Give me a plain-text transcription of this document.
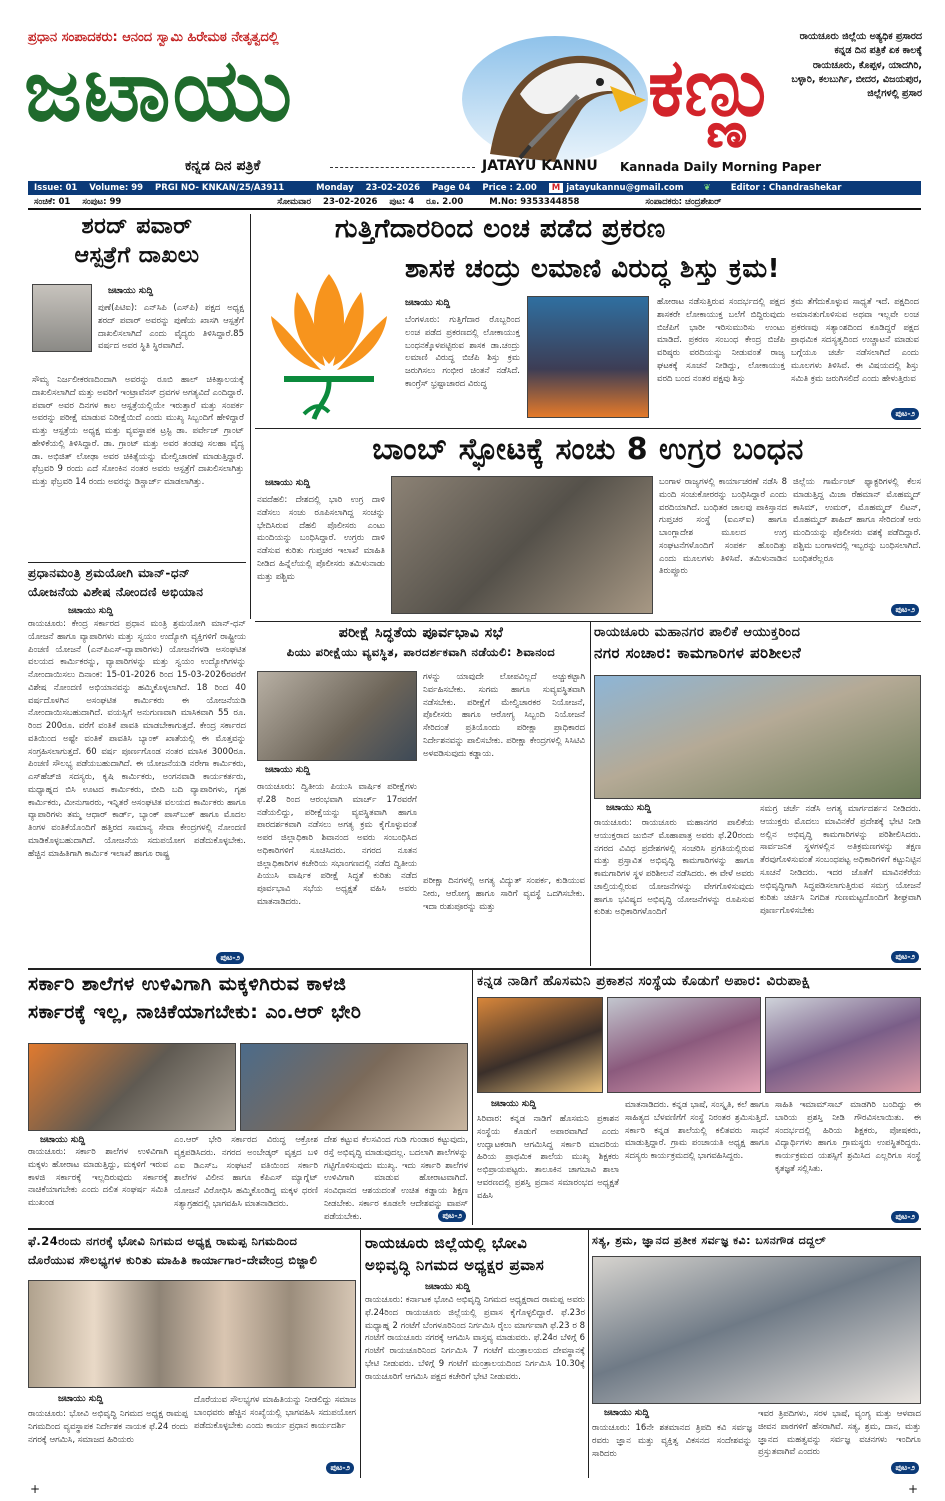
ಪ್ರಧಾನ ಸಂಪಾದಕರು: ಆನಂದ ಸ್ವಾಮಿ ಹಿರೇಮಠ ನೇತೃತ್ವದಲ್ಲಿ
ಜಟಾಯು	ಕಣ್ಣು
ಕನ್ನಡ ದಿನ ಪತ್ರಿಕೆ	JATAYU KANNU Kannada Daily Morning Paper
ರಾಯಚೂರು ಜಿಲ್ಲೆಯ ಅತ್ಯಧಿಕ ಪ್ರಸಾರದ ಕನ್ನಡ ದಿನ ಪತ್ರಿಕೆ ಏಕ ಕಾಲಕ್ಕೆ ರಾಯಚೂರು, ಕೊಪ್ಪಳ, ಯಾದಗಿರಿ, ಬಳ್ಳಾರಿ, ಕಲಬುರ್ಗಿ, ಬೀದರ, ವಿಜಯಪುರ, ಜಿಲ್ಲೆಗಳಲ್ಲಿ ಪ್ರಸಾರ
Issue: 01	Volume: 99	PRGI NO- KNKAN/25/A3911	Monday	23-02-2026	Page 04	Price : 2.00	M jatayukannu@gmail.com	❦	Editor : Chandrashekar
ಸಂಚಿಕೆ: 01	ಸಂಪುಟ: 99	ಸೋಮವಾರ	23-02-2026	ಪುಟ: 4	ರೂ. 2.00	M.No: 9353344858	ಸಂಪಾದಕರು: ಚಂದ್ರಶೇಖರ್
ಶರದ್ ಪವಾರ್
ಆಸ್ಪತ್ರೆಗೆ ದಾಖಲು
ಜಟಾಯು ಸುದ್ದಿ
ಪುಣೆ(ಪಿಟಿಐ): ಎನ್‌ಸಿಪಿ (ಎಸ್‌ಪಿ) ಪಕ್ಷದ ಅಧ್ಯಕ್ಷ ಶರದ್ ಪವಾರ್ ಅವರನ್ನು ಪುಣೆಯ ಖಾಸಗಿ ಆಸ್ಪತ್ರೆಗೆ ದಾಖಲಿಸಲಾಗಿದೆ ಎಂದು ವೈದ್ಯರು ತಿಳಿಸಿದ್ದಾರೆ.85 ವರ್ಷದ ಅವರ ಸ್ಥಿತಿ ಸ್ಥಿರವಾಗಿದೆ.
ಸೌಮ್ಯ ನಿರ್ಜಲೀಕರಣದಿಂದಾಗಿ ಅವರನ್ನು ರೂಬಿ ಹಾಲ್ ಚಿಕಿತ್ಸಾಲಯಕ್ಕೆ ದಾಖಲಿಸಲಾಗಿದೆ ಮತ್ತು ಅವರಿಗೆ ಇಂಟ್ರಾವೆನಸ್ ದ್ರವಗಳ ಅಗತ್ಯವಿದೆ ಎಂದಿದ್ದಾರೆ. ಪವಾರ್ ಅವರ ದಿನಗಳ ಕಾಲ ಆಸ್ಪತ್ರೆಯಲ್ಲಿಯೇ ಇರುತ್ತಾರೆ ಮತ್ತು ಸಂಪರ್ಕ ಅವರನ್ನು ಪರೀಕ್ಷೆ ಮಾಡುವ ನಿರೀಕ್ಷೆಯಿದೆ ಎಂದು ಮುಖ್ಯ ಸಿಬ್ಬಂದಿಗೆ ಹೇಳಿದ್ದಾರೆ ಮತ್ತು ಆಸ್ಪತ್ರೆಯ ಅಧ್ಯಕ್ಷ ಮತ್ತು ವ್ಯವಸ್ಥಾಪಕ ಟ್ರಸ್ಟಿ ಡಾ. ಪರ್ವೇಜ್ ಗ್ರಾಂಟ್ ಹೇಳಿಕೆಯಲ್ಲಿ ತಿಳಿಸಿದ್ದಾರೆ. ಡಾ. ಗ್ರಾಂಟ್ ಮತ್ತು ಅವರ ತಂಡವು ಸಲಹಾ ವೈದ್ಯ ಡಾ. ಅಭಿಜಿತ್ ಲೋಢಾ ಅವರ ಚಿಕಿತ್ಸೆಯನ್ನು ಮೇಲ್ವಿಚಾರಣೆ ಮಾಡುತ್ತಿದ್ದಾರೆ. ಫೆಬ್ರವರಿ 9 ರಂದು ಎದೆ ಸೋಂಕಿನ ನಂತರ ಅವರು ಆಸ್ಪತ್ರೆಗೆ ದಾಖಲಿಸಲಾಗಿತ್ತು ಮತ್ತು ಫೆಬ್ರವರಿ 14 ರಂದು ಅವರನ್ನು ಡಿಸ್ಚಾರ್ಜ್ ಮಾಡಲಾಗಿತ್ತು.
ಗುತ್ತಿಗೆದಾರರಿಂದ ಲಂಚ ಪಡೆದ ಪ್ರಕರಣ
ಶಾಸಕ ಚಂದ್ರು ಲಮಾಣಿ ವಿರುದ್ಧ ಶಿಸ್ತು ಕ್ರಮ!
ಜಟಾಯು ಸುದ್ದಿ
ಬೆಂಗಳೂರು: ಗುತ್ತಿಗೆದಾರ ರೊಬ್ಬರಿಂದ ಲಂಚ ಪಡೆದ ಪ್ರಕರಣದಲ್ಲಿ ಲೋಕಾಯುಕ್ತ ಬಂಧನಕ್ಕೊಳಪಟ್ಟಿರುವ ಶಾಸಕ ಡಾ.ಚಂದ್ರು ಲಮಾಣಿ ವಿರುದ್ಧ ಬಿಜೆಪಿ ಶಿಸ್ತು ಕ್ರಮ ಜರುಗಿಸಲು ಗಂಭೀರ ಚಿಂತನೆ ನಡೆಸಿದೆ. ಕಾಂಗ್ರೆಸ್ ಭ್ರಷ್ಟಾಚಾರದ ವಿರುದ್ಧ
ಹೋರಾಟ ನಡೆಸುತ್ತಿರುವ ಸಂದರ್ಭದಲ್ಲಿ ಪಕ್ಷದ ಶಾಸಕರೇ ಲೋಕಾಯುಕ್ತ ಬಲೆಗೆ ಬಿದ್ದಿರುವುದು ಬಿಜೆಪಿಗೆ ಭಾರೀ ಇರಿಸುಮುರಿಸು ಉಂಟು ಮಾಡಿದೆ. ಪ್ರಕರಣ ಸಂಬಂಧ ಕೇಂದ್ರ ಬಿಜೆಪಿ ವರಿಷ್ಠರು ವರದಿಯನ್ನು ನೀಡುವಂತೆ ರಾಜ್ಯ ಘಟಕಕ್ಕೆ ಸೂಚನೆ ನೀಡಿದ್ದು, ಲೋಕಾಯುಕ್ತ ವರದಿ ಬಂದ ನಂತರ ಪಕ್ಷವು ಶಿಸ್ತು
ಕ್ರಮ ತೆಗೆದುಕೊಳ್ಳುವ ಸಾಧ್ಯತೆ ಇದೆ. ಪಕ್ಷದಿಂದ ಅಮಾನತುಗೊಳಿಸುವ ಅಥವಾ ಇಲ್ಲವೇ ಲಂಚ ಪ್ರಕರಣವು ಸತ್ಯಾಂಶದಿಂದ ಕೂಡಿದ್ದರೆ ಪಕ್ಷದ ಪ್ರಾಥಮಿಕ ಸದಸ್ಯತ್ವದಿಂದ ಉಚ್ಚಾಟನೆ ಮಾಡುವ ಬಗ್ಗೆಯೂ ಚರ್ಚೆ ನಡೆಸಲಾಗಿದೆ ಎಂದು ಮೂಲಗಳು ತಿಳಿಸಿವೆ. ಈ ವಿಷಯದಲ್ಲಿ ಶಿಸ್ತು ಸಮಿತಿ ಕ್ರಮ ಜರುಗಿಸಲಿದೆ ಎಂದು ಹೇಳುತ್ತಿರುವ
ಪುಟ-೨
ಬಾಂಬ್ ಸ್ಫೋಟಕ್ಕೆ ಸಂಚು 8 ಉಗ್ರರ ಬಂಧನ
ಜಟಾಯು ಸುದ್ದಿ
ನವದೆಹಲಿ: ದೇಶದಲ್ಲಿ ಭಾರಿ ಉಗ್ರ ದಾಳಿ ನಡೆಸಲು ಸಂಚು ರೂಪಿಸಲಾಗಿದ್ದ ಸಂಚನ್ನು ಭೇದಿಸಿರುವ ದೆಹಲಿ ಪೊಲೀಸರು ಎಂಟು ಮಂದಿಯನ್ನು ಬಂಧಿಸಿದ್ದಾರೆ. ಉಗ್ರರು ದಾಳಿ ನಡೆಸುವ ಕುರಿತು ಗುಪ್ತಚರ ಇಲಾಖೆ ಮಾಹಿತಿ ನೀಡಿದ ಹಿನ್ನೆಲೆಯಲ್ಲಿ ಪೊಲೀಸರು ತಮಿಳುನಾಡು ಮತ್ತು ಪಶ್ಚಿಮ
ಬಂಗಾಳ ರಾಜ್ಯಗಳಲ್ಲಿ ಕಾರ್ಯಾಚರಣೆ ನಡೆಸಿ 8 ಮಂದಿ ಸಂಚುಕೋರರನ್ನು ಬಂಧಿಸಿದ್ದಾರೆ ಎಂದು ವರದಿಯಾಗಿದೆ. ಬಂಧಿತರ ಜಾಲವು ಪಾಕಿಸ್ತಾನದ ಗುಪ್ತಚರ ಸಂಸ್ಥೆ (ಐಎಸ್‌ಐ) ಹಾಗೂ ಬಾಂಗ್ಲಾದೇಶ ಮೂಲದ ಉಗ್ರ ಸಂಘಟನೆಗಳೊಂದಿಗೆ ಸಂಪರ್ಕ ಹೊಂದಿತ್ತು ಎಂದು ಮೂಲಗಳು ತಿಳಿಸಿವೆ. ತಮಿಳುನಾಡಿನ ತಿರುಪ್ಪೂರು
ಜಿಲ್ಲೆಯ ಗಾರ್ಮೆಂಟ್ ಫ್ಯಾಕ್ಟರಿಗಳಲ್ಲಿ ಕೆಲಸ ಮಾಡುತ್ತಿದ್ದ ಮಿಜಾ ರೆಹಮಾನ್ ಮೊಹಮ್ಮದ್ ಕಾಸಿಮ್, ಉಮರ್, ಮೊಹಮ್ಮದ್ ಲಿಟನ್, ಮೊಹಮ್ಮದ್ ಶಾಹಿದ್ ಹಾಗೂ ಸೇರಿದಂತೆ ಆರು ಮಂದಿಯನ್ನು ಪೊಲೀಸರು ವಶಕ್ಕೆ ಪಡೆದಿದ್ದಾರೆ. ಪಶ್ಚಿಮ ಬಂಗಾಳದಲ್ಲಿ ಇಬ್ಬರನ್ನು ಬಂಧಿಸಲಾಗಿದೆ. ಬಂಧಿತರೆಲ್ಲರೂ
ಪುಟ-೨
ಪ್ರಧಾನಮಂತ್ರಿ ಶ್ರಮಯೋಗಿ ಮಾನ್-ಧನ್
ಯೋಜನೆಯ ವಿಶೇಷ ನೋಂದಣಿ ಅಭಿಯಾನ
ಜಟಾಯು ಸುದ್ದಿ
ರಾಯಚೂರು: ಕೇಂದ್ರ ಸರ್ಕಾರದ ಪ್ರಧಾನ ಮಂತ್ರಿ ಶ್ರಮಯೋಗಿ ಮಾನ್-ಧನ್ ಯೋಜನೆ ಹಾಗೂ ವ್ಯಾಪಾರಿಗಳು ಮತ್ತು ಸ್ವಯಂ ಉದ್ಯೋಗಿ ವ್ಯಕ್ತಿಗಳಿಗೆ ರಾಷ್ಟ್ರೀಯ ಪಿಂಚಣಿ ಯೋಜನೆ (ಎನ್‌ಪಿಎಸ್-ವ್ಯಾಪಾರಿಗಳು) ಯೋಜನೆಗಳಡಿ ಅಸಂಘಟಿತ ವಲಯದ ಕಾರ್ಮಿಕರನ್ನು, ವ್ಯಾಪಾರಿಗಳನ್ನು ಮತ್ತು ಸ್ವಯಂ ಉದ್ಯೋಗಿಗಳನ್ನು ನೋಂದಾಯಿಸಲು ದಿನಾಂಕ: 15-01-2026 ರಿಂದ 15-03-2026ರವರೆಗೆ ವಿಶೇಷ ನೋಂದಣಿ ಅಭಿಯಾನವನ್ನು ಹಮ್ಮಿಕೊಳ್ಳಲಾಗಿದೆ. 18 ರಿಂದ 40 ವರ್ಷದೊಳಗಿನ ಅಸಂಘಟಿತ ಕಾರ್ಮಿಕರು ಈ ಯೋಜನೆಯಡಿ ನೋಂದಾಯಿಸಬಹುದಾಗಿದೆ. ವಯಸ್ಸಿಗೆ ಅನುಗುಣವಾಗಿ ಮಾಸಿಕವಾಗಿ 55 ರೂ. ರಿಂದ 200ರೂ. ವರೆಗೆ ವಂತಿಕೆ ಪಾವತಿ ಮಾಡಬೇಕಾಗುತ್ತದೆ. ಕೇಂದ್ರ ಸರ್ಕಾರದ ವತಿಯಿಂದ ಅಷ್ಟೇ ವಂತಿಕೆ ಪಾವತಿಸಿ ಬ್ಯಾಂಕ್ ಖಾತೆಯಲ್ಲಿ ಈ ಮೊತ್ತವನ್ನು ಸಂಗ್ರಹಿಸಲಾಗುತ್ತದೆ. 60 ವರ್ಷ ಪೂರ್ಣಗೊಂಡ ನಂತರ ಮಾಸಿಕ 3000ರೂ. ಪಿಂಚಣಿ ಸೌಲಭ್ಯ ಪಡೆಯಬಹುದಾಗಿದೆ. ಈ ಯೋಜನೆಯಡಿ ನರೇಗಾ ಕಾರ್ಮಿಕರು, ಎಸ್‌ಹೆಚ್‌ಜಿ ಸದಸ್ಯರು, ಕೃಷಿ ಕಾರ್ಮಿಕರು, ಅಂಗನವಾಡಿ ಕಾರ್ಯಕರ್ತರು, ಮಧ್ಯಾಹ್ನದ ಬಿಸಿ ಊಟದ ಕಾರ್ಮಿಕರು, ಬೀದಿ ಬದಿ ವ್ಯಾಪಾರಿಗಳು, ಗೃಹ ಕಾರ್ಮಿಕರು, ಮೀನುಗಾರರು, ಇನ್ನಿತರೆ ಅಸಂಘಟಿತ ವಲಯದ ಕಾರ್ಮಿಕರು ಹಾಗೂ ವ್ಯಾಪಾರಿಗಳು ತಮ್ಮ ಆಧಾರ್ ಕಾರ್ಡ್, ಬ್ಯಾಂಕ್ ಪಾಸ್‌ಬುಕ್ ಹಾಗೂ ಮೊದಲ ತಿಂಗಳ ವಂತಿಕೆಯೊಂದಿಗೆ ಹತ್ತಿರದ ಸಾಮಾನ್ಯ ಸೇವಾ ಕೇಂದ್ರಗಳಲ್ಲಿ ನೋಂದಣಿ ಮಾಡಿಕೊಳ್ಳಬಹುದಾಗಿದೆ. ಯೋಜನೆಯ ಸದುಪಯೋಗ ಪಡೆದುಕೊಳ್ಳಬೇಕು. ಹೆಚ್ಚಿನ ಮಾಹಿತಿಗಾಗಿ ಕಾರ್ಮಿಕ ಇಲಾಖೆ ಹಾಗೂ ರಾಷ್ಟ್ರ
ಪುಟ-೨
ಪರೀಕ್ಷೆ ಸಿದ್ಧತೆಯ ಪೂರ್ವಭಾವಿ ಸಭೆ
ಪಿಯು ಪರೀಕ್ಷೆಯು ವ್ಯವಸ್ಥಿತ, ಪಾರದರ್ಶಕವಾಗಿ ನಡೆಯಲಿ: ಶಿವಾನಂದ
ಜಟಾಯು ಸುದ್ದಿ
ರಾಯಚೂರು: ದ್ವಿತೀಯ ಪಿಯುಸಿ ವಾರ್ಷಿಕ ಪರೀಕ್ಷೆಗಳು ಫೆ.28 ರಿಂದ ಆರಂಭವಾಗಿ ಮಾರ್ಚ್ 17ರವರೆಗೆ ನಡೆಯಲಿದ್ದು, ಪರೀಕ್ಷೆಯನ್ನು ವ್ಯವಸ್ಥಿತವಾಗಿ ಹಾಗೂ ಪಾರದರ್ಶಕವಾಗಿ ನಡೆಸಲು ಅಗತ್ಯ ಕ್ರಮ ಕೈಗೊಳ್ಳುವಂತೆ ಅಪರ ಜಿಲ್ಲಾಧಿಕಾರಿ ಶಿವಾನಂದ ಅವರು ಸಂಬಂಧಿಸಿದ ಅಧಿಕಾರಿಗಳಿಗೆ ಸೂಚಿಸಿದರು. ನಗರದ ನೂತನ ಜಿಲ್ಲಾಧಿಕಾರಿಗಳ ಕಚೇರಿಯ ಸಭಾಂಗಣದಲ್ಲಿ ನಡೆದ ದ್ವಿತೀಯ ಪಿಯುಸಿ ವಾರ್ಷಿಕ ಪರೀಕ್ಷೆ ಸಿದ್ಧತೆ ಕುರಿತು ನಡೆದ ಪೂರ್ವಭಾವಿ ಸಭೆಯ ಅಧ್ಯಕ್ಷತೆ ವಹಿಸಿ ಅವರು ಮಾತನಾಡಿದರು.
ಗಳನ್ನು ಯಾವುದೇ ಲೋಪವಿಲ್ಲದೆ ಅಚ್ಚುಕಟ್ಟಾಗಿ ನಿರ್ವಹಿಸಬೇಕು. ಸುಗಮ ಹಾಗೂ ಸುವ್ಯವಸ್ಥಿತವಾಗಿ ನಡೆಸಬೇಕು. ಪರೀಕ್ಷೆಗೆ ಮೇಲ್ವಿಚಾರಕರ ನಿಯೋಜನೆ, ಪೊಲೀಸರು ಹಾಗೂ ಆರೋಗ್ಯ ಸಿಬ್ಬಂದಿ ನಿಯೋಜನೆ ಸೇರಿದಂತೆ ಪ್ರತಿಯೊಂದು ಪರೀಕ್ಷಾ ಪ್ರಾಧಿಕಾರದ ನಿರ್ದೇಶನವನ್ನು ಪಾಲಿಸಬೇಕು. ಪರೀಕ್ಷಾ ಕೇಂದ್ರಗಳಲ್ಲಿ ಸಿಸಿಟಿವಿ ಅಳವಡಿಸುವುದು ಕಡ್ಡಾಯ.
ಪರೀಕ್ಷಾ ದಿನಗಳಲ್ಲಿ ಅಗತ್ಯ ವಿದ್ಯುತ್ ಸಂಪರ್ಕ, ಕುಡಿಯುವ ನೀರು, ಆರೋಗ್ಯ ಹಾಗೂ ಸಾರಿಗೆ ವ್ಯವಸ್ಥೆ ಒದಗಿಸಬೇಕು. ಇದಾ ರುಶುಪೂರನ್ನು ಮತ್ತು
ರಾಯಚೂರು ಮಹಾನಗರ ಪಾಲಿಕೆ ಆಯುಕ್ತರಿಂದ
ನಗರ ಸಂಚಾರ: ಕಾಮಗಾರಿಗಳ ಪರಿಶೀಲನೆ
ಜಟಾಯು ಸುದ್ದಿ
ರಾಯಚೂರು: ರಾಯಚೂರು ಮಹಾನಗರ ಪಾಲಿಕೆಯ ಆಯುಕ್ತರಾದ ಜುಬಿನ್ ಮೊಹಾಪಾತ್ರ ಅವರು ಫೆ.20ರಂದು ನಗರದ ವಿವಿಧ ಪ್ರದೇಶಗಳಲ್ಲಿ ಸಂಚರಿಸಿ ಪ್ರಗತಿಯಲ್ಲಿರುವ ಮತ್ತು ಪ್ರಸ್ತಾವಿತ ಅಭಿವೃದ್ಧಿ ಕಾಮಗಾರಿಗಳನ್ನು ಹಾಗೂ ಕಾಮಗಾರಿಗಳ ಸ್ಥಳ ಪರಿಶೀಲನೆ ನಡೆಸಿದರು. ಈ ವೇಳೆ ಅವರು ಚಾಲ್ತಿಯಲ್ಲಿರುವ ಯೋಜನೆಗಳನ್ನು ವೇಗಗೊಳಿಸುವುದು ಹಾಗೂ ಭವಿಷ್ಯದ ಅಭಿವೃದ್ಧಿ ಯೋಜನೆಗಳನ್ನು ರೂಪಿಸುವ ಕುರಿತು ಅಧಿಕಾರಿಗಳೊಂದಿಗೆ
ಸಮಗ್ರ ಚರ್ಚೆ ನಡೆಸಿ ಅಗತ್ಯ ಮಾರ್ಗದರ್ಶನ ನೀಡಿದರು. ಆಯುಕ್ತರು ಮೊದಲು ಮಾವಿನಕೆರೆ ಪ್ರದೇಶಕ್ಕೆ ಭೇಟಿ ನೀಡಿ ಅಲ್ಲಿನ ಅಭಿವೃದ್ಧಿ ಕಾಮಗಾರಿಗಳನ್ನು ಪರಿಶೀಲಿಸಿದರು. ಸಾರ್ವಜನಿಕ ಸ್ಥಳಗಳಲ್ಲಿನ ಅತಿಕ್ರಮಣಗಳನ್ನು ತಕ್ಷಣ ತೆರವುಗೊಳಿಸುವಂತೆ ಸಂಬಂಧಪಟ್ಟ ಅಧಿಕಾರಿಗಳಿಗೆ ಕಟ್ಟುನಿಟ್ಟಿನ ಸೂಚನೆ ನೀಡಿದರು. ಇದರ ಜೊತೆಗೆ ಮಾವಿನಕೆರೆಯ ಅಭಿವೃದ್ಧಿಗಾಗಿ ಸಿದ್ಧಪಡಿಸಲಾಗುತ್ತಿರುವ ಸಮಗ್ರ ಯೋಜನೆ ಕುರಿತು ಚರ್ಚಿಸಿ ನಿಗದಿತ ಗುಣಮಟ್ಟದೊಂದಿಗೆ ಶೀಘ್ರವಾಗಿ ಪೂರ್ಣಗೊಳಿಸಬೇಕು
ಪುಟ-೨
ಸರ್ಕಾರಿ ಶಾಲೆಗಳ ಉಳಿವಿಗಾಗಿ ಮಕ್ಕಳಿಗಿರುವ ಕಾಳಜಿ
ಸರ್ಕಾರಕ್ಕೆ ಇಲ್ಲ, ನಾಚಿಕೆಯಾಗಬೇಕು: ಎಂ.ಆರ್ ಭೇರಿ
ಜಟಾಯು ಸುದ್ದಿ
ರಾಯಚೂರು: ಸರ್ಕಾರಿ ಶಾಲೆಗಳ ಉಳಿವಿಗಾಗಿ ಮಕ್ಕಳು ಹೋರಾಟ ಮಾಡುತ್ತಿದ್ದು, ಮಕ್ಕಳಿಗೆ ಇರುವ ಕಾಳಜಿ ಸರ್ಕಾರಕ್ಕೆ ಇಲ್ಲದಿರುವುದು ಸರ್ಕಾರಕ್ಕೆ ನಾಚಿಕೆಯಾಗಬೇಕು ಎಂದು ದಲಿತ ಸಂಘರ್ಷ ಸಮಿತಿ ಮುಖಂಡ
ಎಂ.ಆರ್ ಭೇರಿ ಸರ್ಕಾರದ ವಿರುದ್ಧ ಆಕ್ರೋಶ ವ್ಯಕ್ತಪಡಿಸಿದರು. ನಗರದ ಅಂಬೇಡ್ಕರ್ ವೃತ್ತದ ಬಳಿ ಎಐ ಡಿಎಸ್‌ಒ ಸಂಘಟನೆ ವತಿಯಿಂದ ಸರ್ಕಾರಿ ಶಾಲೆಗಳ ವಿಲೀನ ಹಾಗೂ ಕೆಪಿಎಸ್ ಮ್ಯಾಗ್ನೆಟ್ ಯೋಜನೆ ವಿರೋಧಿಸಿ ಹಮ್ಮಿಕೊಂಡಿದ್ದ ಮಕ್ಕಳ ಧರಣಿ ಸತ್ಯಾಗ್ರಹದಲ್ಲಿ ಭಾಗವಹಿಸಿ ಮಾತನಾಡಿದರು.
ದೇಶ ಕಟ್ಟುವ ಕೆಲಸವಿಂದ ಗುಡಿ ಗುಂಡಾರ ಕಟ್ಟುವುದು, ರಸ್ತೆ ಅಭಿವೃದ್ಧಿ ಮಾಡುವುದಲ್ಲ. ಬದಲಾಗಿ ಶಾಲೆಗಳನ್ನು ಗಟ್ಟಿಗೊಳಿಸುವುದು ಮುಖ್ಯ. ಇದು ಸರ್ಕಾರಿ ಶಾಲೆಗಳ ಉಳಿವಿಗಾಗಿ ಮಾಡುವ ಹೋರಾಟವಾಗಿದೆ. ಸಂವಿಧಾನದ ಆಶಯದಂತೆ ಉಚಿತ ಕಡ್ಡಾಯ ಶಿಕ್ಷಣ ನೀಡಬೇಕು. ಸರ್ಕಾರ ಕೂಡಲೇ ಆದೇಶವನ್ನು ವಾಪಸ್ ಪಡೆಯಬೇಕು.	ಪುಟ-೨
ಕನ್ನಡ ನಾಡಿಗೆ ಹೊಸಮನಿ ಪ್ರಕಾಶನ ಸಂಸ್ಥೆಯ ಕೊಡುಗೆ ಅಪಾರ: ವಿರುಪಾಕ್ಷಿ
ಜಟಾಯು ಸುದ್ದಿ
ಸಿರಿವಾರ: ಕನ್ನಡ ನಾಡಿಗೆ ಹೊಸಮನಿ ಪ್ರಕಾಶನ ಸಂಸ್ಥೆಯ ಕೊಡುಗೆ ಅಪಾರವಾಗಿದೆ ಎಂದು ಉದ್ಘಾಟಕರಾಗಿ ಆಗಮಿಸಿದ್ದ ಸರ್ಕಾರಿ ಮಾದರಿಯ ಹಿರಿಯ ಪ್ರಾಥಮಿಕ ಶಾಲೆಯ ಮುಖ್ಯ ಶಿಕ್ಷಕರು ಅಭಿಪ್ರಾಯಪಟ್ಟರು. ತಾಲೂಕಿನ ಚಾಗಬಾವಿ ಶಾಲಾ ಆವರಣದಲ್ಲಿ ಪ್ರಶಸ್ತಿ ಪ್ರದಾನ ಸಮಾರಂಭದ ಅಧ್ಯಕ್ಷತೆ ವಹಿಸಿ
ಮಾತನಾಡಿದರು. ಕನ್ನಡ ಭಾಷೆ, ಸಂಸ್ಕೃತಿ, ಕಲೆ ಹಾಗೂ ಸಾಹಿತ್ಯದ ಬೆಳವಣಿಗೆಗೆ ಸಂಸ್ಥೆ ನಿರಂತರ ಶ್ರಮಿಸುತ್ತಿದೆ. ಸರ್ಕಾರಿ ಕನ್ನಡ ಶಾಲೆಯಲ್ಲಿ ಕಲಿತವರು ಸಾಧನೆ ಮಾಡುತ್ತಿದ್ದಾರೆ. ಗ್ರಾಮ ಪಂಚಾಯತಿ ಅಧ್ಯಕ್ಷ ಹಾಗೂ ಸದಸ್ಯರು ಕಾರ್ಯಕ್ರಮದಲ್ಲಿ ಭಾಗವಹಿಸಿದ್ದರು.
ಸಾಹಿತಿ ಇಮಾಮ್‌ಸಾಬ್ ಮಾಡಗಿರಿ ಬಂದಿದ್ದು ಈ ಬಾರಿಯ ಪ್ರಶಸ್ತಿ ನೀಡಿ ಗೌರವಿಸಲಾಯಿತು. ಈ ಸಂದರ್ಭದಲ್ಲಿ ಹಿರಿಯ ಶಿಕ್ಷಕರು, ಪೋಷಕರು, ವಿದ್ಯಾರ್ಥಿಗಳು ಹಾಗೂ ಗ್ರಾಮಸ್ಥರು ಉಪಸ್ಥಿತರಿದ್ದರು. ಕಾರ್ಯಕ್ರಮದ ಯಶಸ್ಸಿಗೆ ಶ್ರಮಿಸಿದ ಎಲ್ಲರಿಗೂ ಸಂಸ್ಥೆ ಕೃತಜ್ಞತೆ ಸಲ್ಲಿಸಿತು.
ಪುಟ-೨
ಫೆ.24ರಂದು ನಗರಕ್ಕೆ ಭೋವಿ ನಿಗಮದ ಅಧ್ಯಕ್ಷ ರಾಮಪ್ಪ ನಿಗಮದಿಂದ
ದೊರೆಯುವ ಸೌಲಭ್ಯಗಳ ಕುರಿತು ಮಾಹಿತಿ ಕಾರ್ಯಾಗಾರ-ದೇವೇಂದ್ರ ಬಿಜ್ಜಾಲಿ
ಜಟಾಯು ಸುದ್ದಿ
ರಾಯಚೂರು: ಭೋವಿ ಅಭಿವೃದ್ಧಿ ನಿಗಮದ ಅಧ್ಯಕ್ಷ ರಾಮಪ್ಪ ನಿಗಮದಿಂದ ವ್ಯವಸ್ಥಾಪಕ ನಿರ್ದೇಶಕ ನಾಯಕ ಫೆ.24 ರಂದು ನಗರಕ್ಕೆ ಆಗಮಿಸಿ, ಸಮಾಜದ ಹಿರಿಯರು
ದೊರೆಯುವ ಸೌಲಭ್ಯಗಳ ಮಾಹಿತಿಯನ್ನು ನೀಡಲಿದ್ದು ಸಮಾಜ ಬಾಂಧವರು ಹೆಚ್ಚಿನ ಸಂಖ್ಯೆಯಲ್ಲಿ ಭಾಗವಹಿಸಿ ಸದುಪಯೋಗ ಪಡೆದುಕೊಳ್ಳಬೇಕು ಎಂದು ಕಾರ್ಯ ಪ್ರಧಾನ ಕಾರ್ಯದರ್ಶಿ
ಪುಟ-೨
ರಾಯಚೂರು ಜಿಲ್ಲೆಯಲ್ಲಿ ಭೋವಿ
ಅಭಿವೃದ್ಧಿ ನಿಗಮದ ಅಧ್ಯಕ್ಷರ ಪ್ರವಾಸ
ಜಟಾಯು ಸುದ್ದಿ
ರಾಯಚೂರು: ಕರ್ನಾಟಕ ಭೋವಿ ಅಭಿವೃದ್ಧಿ ನಿಗಮದ ಅಧ್ಯಕ್ಷರಾದ ರಾಮಪ್ಪ ಅವರು ಫೆ.24ರಿಂದ ರಾಯಚೂರು ಜಿಲ್ಲೆಯಲ್ಲಿ ಪ್ರವಾಸ ಕೈಗೊಳ್ಳಲಿದ್ದಾರೆ. ಫೆ.23ರ ಮಧ್ಯಾಹ್ನ 2 ಗಂಟೆಗೆ ಬೆಂಗಳೂರಿನಿಂದ ನಿರ್ಗಮಿಸಿ ರೈಲು ಮಾರ್ಗವಾಗಿ ಫೆ.23 ರ 8 ಗಂಟೆಗೆ ರಾಯಚೂರು ನಗರಕ್ಕೆ ಆಗಮಿಸಿ ವಾಸ್ತವ್ಯ ಮಾಡುವರು. ಫೆ.24ರ ಬೆಳಿಗ್ಗೆ 6 ಗಂಟೆಗೆ ರಾಯಚೂರಿನಿಂದ ನಿರ್ಗಮಿಸಿ 7 ಗಂಟೆಗೆ ಮಂತ್ರಾಲಯದ ದೇವಸ್ಥಾನಕ್ಕೆ ಭೇಟಿ ನೀಡುವರು. ಬೆಳಿಗ್ಗೆ 9 ಗಂಟೆಗೆ ಮಂತ್ರಾಲಯದಿಂದ ನಿರ್ಗಮಿಸಿ 10.30ಕ್ಕೆ ರಾಯಚೂರಿಗೆ ಆಗಮಿಸಿ ಪಕ್ಷದ ಕಚೇರಿಗೆ ಭೇಟಿ ನೀಡುವರು.
ಸತ್ಯ, ಶ್ರಮ, ಜ್ಞಾನದ ಪ್ರತೀಕ ಸರ್ವಜ್ಞ ಕವಿ: ಬಸನಗೌಡ ದದ್ದಲ್
ಜಟಾಯು ಸುದ್ದಿ
ರಾಯಚೂರು: 16ನೇ ಶತಮಾನದ ತ್ರಿಪದಿ ಕವಿ ಸರ್ವಜ್ಞ ರವರು ಜ್ಞಾನ ಮತ್ತು ವ್ಯಕ್ತಿತ್ವ ವಿಕಸನದ ಸಂದೇಶವನ್ನು ಸಾರಿದರು
ಇವರ ತ್ರಿಪದಿಗಳು, ಸರಳ ಭಾಷೆ, ವ್ಯಂಗ್ಯ ಮತ್ತು ಆಳವಾದ ಜೀವನ ಪಾಠಗಳಿಗೆ ಹೆಸರಾಗಿವೆ. ಸತ್ಯ, ಶ್ರಮ, ದಾನ, ಮತ್ತು ಜ್ಞಾನದ ಮಹತ್ವವನ್ನು ಸರ್ವಜ್ಞ ವಚನಗಳು ಇಂದಿಗೂ ಪ್ರಸ್ತುತವಾಗಿವೆ ಎಂದರು
ಪುಟ-೨
+	+
